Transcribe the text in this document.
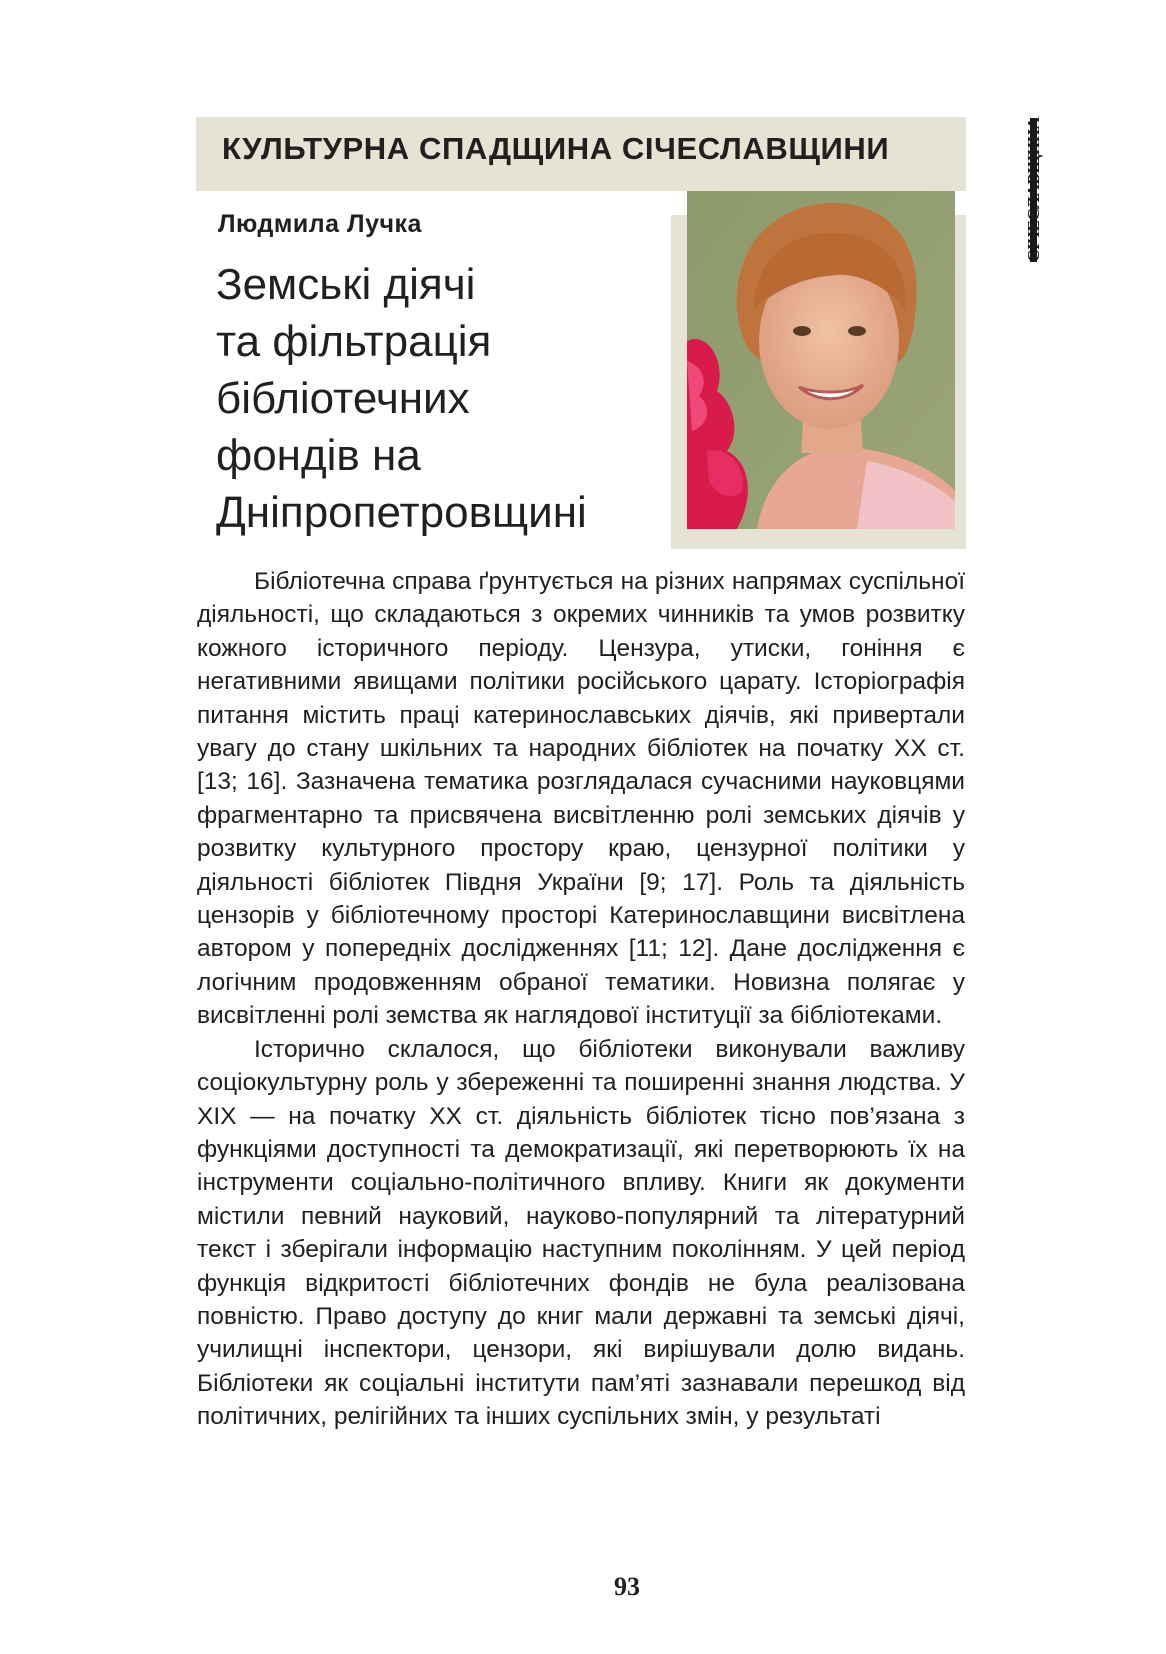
КУЛЬТУРНА СПАДЩИНА СІЧЕСЛАВЩИНИ	СІЧЕСЛАВЩИНА
Людмила Лучка
Земські діячі
та фільтрація
бібліотечних
фондів на
Дніпропетровщині

Бібліотечна справа ґрунтується на різних напрямах суспільної діяльності, що складаються з окремих чинників та умов розвитку кожного історичного періоду. Цензура, утиски, гоніння є негативними явищами політики російського царату. Історіографія питання містить праці катеринославських діячів, які привертали увагу до стану шкільних та народних бібліотек на початку ХХ ст. [13; 16]. Зазначена тематика розглядалася сучасними науковцями фрагментарно та присвячена висвітленню ролі земських діячів у розвитку культурного простору краю, цензурної політики у діяльності бібліотек Півдня України [9; 17]. Роль та діяльність цензорів у бібліотечному просторі Катеринославщини висвітлена автором у попередніх дослідженнях [11; 12]. Дане дослідження є логічним продовженням обраної тематики. Новизна полягає у висвітленні ролі земства як наглядової інституції за бібліотеками.

Історично склалося, що бібліотеки виконували важливу соціокультурну роль у збереженні та поширенні знання людства. У ХІХ — на початку ХХ ст. діяльність бібліотек тісно пов’язана з функціями доступності та демократизації, які перетворюють їх на інструменти соціально-політичного впливу. Книги як документи містили певний науковий, науково-популярний та літературний текст і зберігали інформацію наступним поколінням. У цей період функція відкритості бібліотечних фондів не була реалізована повністю. Право доступу до книг мали державні та земські діячі, училищні інспектори, цензори, які вирішували долю видань. Бібліотеки як соціальні інститути пам’яті зазнавали перешкод від політичних, релігійних та інших суспільних змін, у результаті

93
